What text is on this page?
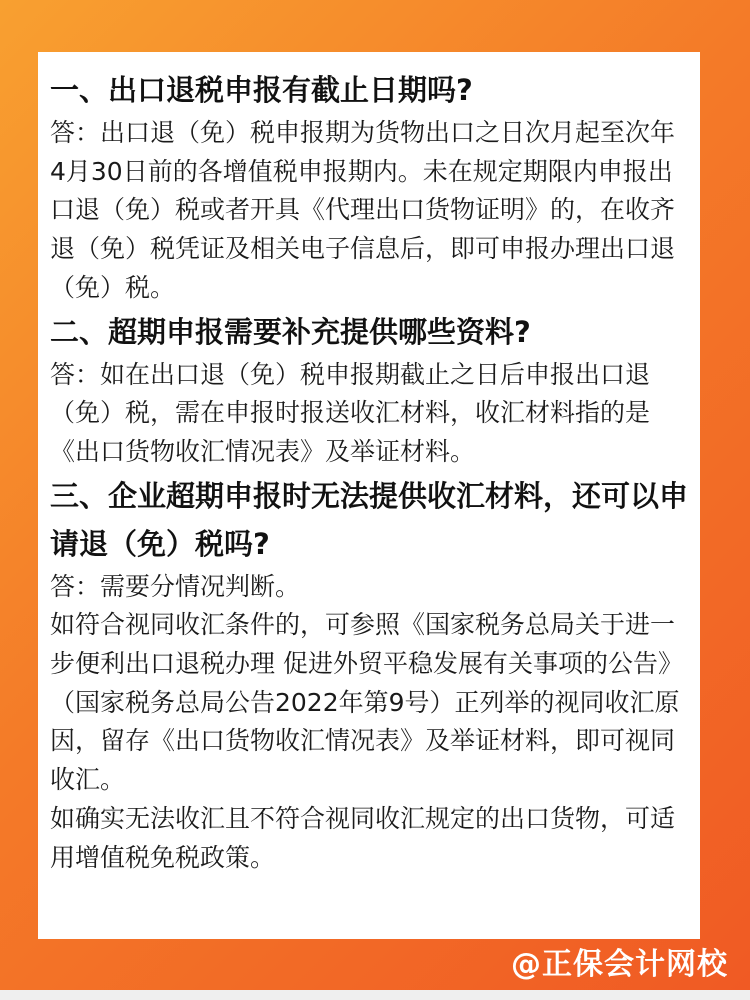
一、出口退税申报有截止日期吗?

答：出口退（免）税申报期为货物出口之日次月起至次年4月30日前的各增值税申报期内。未在规定期限内申报出口退（免）税或者开具《代理出口货物证明》的，在收齐退（免）税凭证及相关电子信息后，即可申报办理出口退（免）税。

二、超期申报需要补充提供哪些资料?

答：如在出口退（免）税申报期截止之日后申报出口退（免）税，需在申报时报送收汇材料，收汇材料指的是《出口货物收汇情况表》及举证材料。

三、企业超期申报时无法提供收汇材料，还可以申请退（免）税吗?

答：需要分情况判断。

如符合视同收汇条件的，可参照《国家税务总局关于进一步便利出口退税办理 促进外贸平稳发展有关事项的公告》（国家税务总局公告2022年第9号）正列举的视同收汇原因，留存《出口货物收汇情况表》及举证材料，即可视同收汇。

如确实无法收汇且不符合视同收汇规定的出口货物，可适用增值税免税政策。

@正保会计网校
